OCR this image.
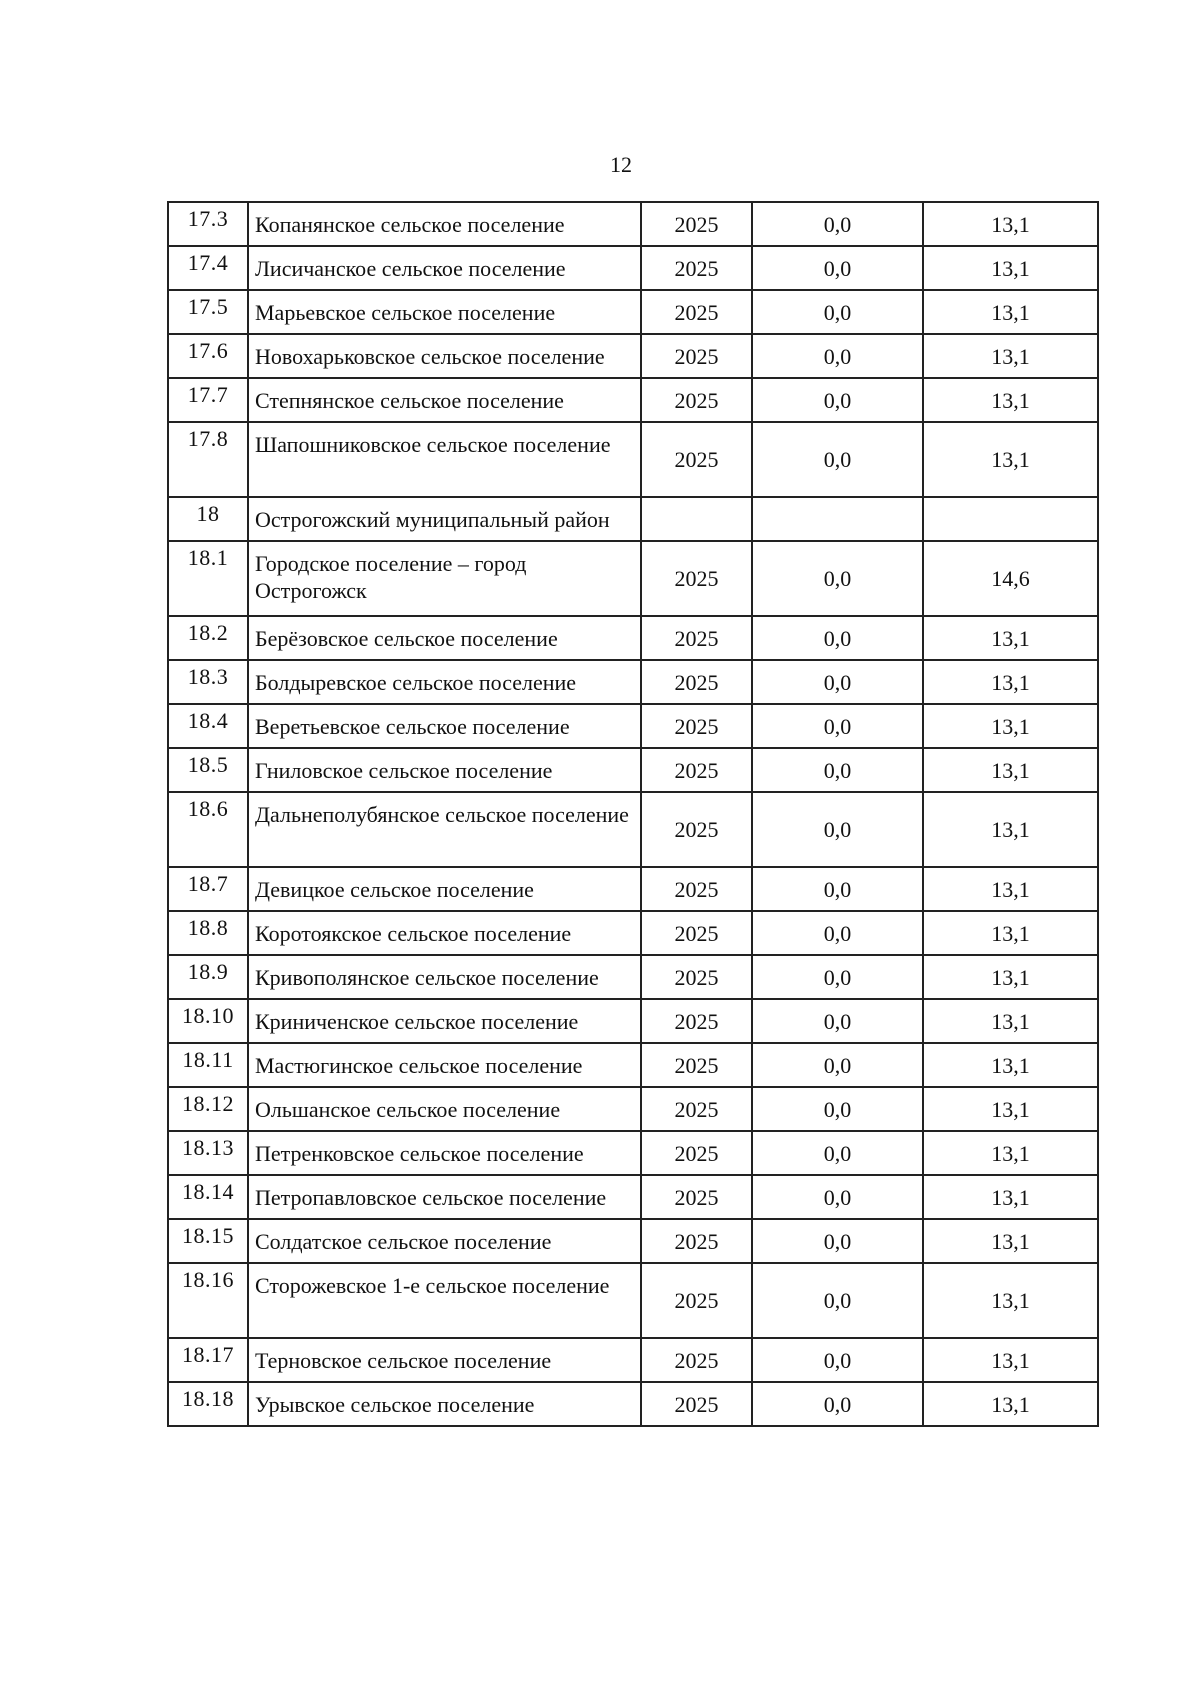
12
17.3	Копанянское сельское поселение	2025	0,0	13,1
17.4	Лисичанское сельское поселение	2025	0,0	13,1
17.5	Марьевское сельское поселение	2025	0,0	13,1
17.6	Новохарьковское сельское поселение	2025	0,0	13,1
17.7	Степнянское сельское поселение	2025	0,0	13,1
17.8	Шапошниковское сельское поселение	2025	0,0	13,1
18	Острогожский муниципальный район			
18.1	Городское поселение – город Острогожск	2025	0,0	14,6
18.2	Берёзовское сельское поселение	2025	0,0	13,1
18.3	Болдыревское сельское поселение	2025	0,0	13,1
18.4	Веретьевское сельское поселение	2025	0,0	13,1
18.5	Гниловское сельское поселение	2025	0,0	13,1
18.6	Дальнеполубянское сельское поселение	2025	0,0	13,1
18.7	Девицкое сельское поселение	2025	0,0	13,1
18.8	Коротоякское сельское поселение	2025	0,0	13,1
18.9	Кривополянское сельское поселение	2025	0,0	13,1
18.10	Криниченское сельское поселение	2025	0,0	13,1
18.11	Мастюгинское сельское поселение	2025	0,0	13,1
18.12	Ольшанское сельское поселение	2025	0,0	13,1
18.13	Петренковское сельское поселение	2025	0,0	13,1
18.14	Петропавловское сельское поселение	2025	0,0	13,1
18.15	Солдатское сельское поселение	2025	0,0	13,1
18.16	Сторожевское 1-е сельское поселение	2025	0,0	13,1
18.17	Терновское сельское поселение	2025	0,0	13,1
18.18	Урывское сельское поселение	2025	0,0	13,1
